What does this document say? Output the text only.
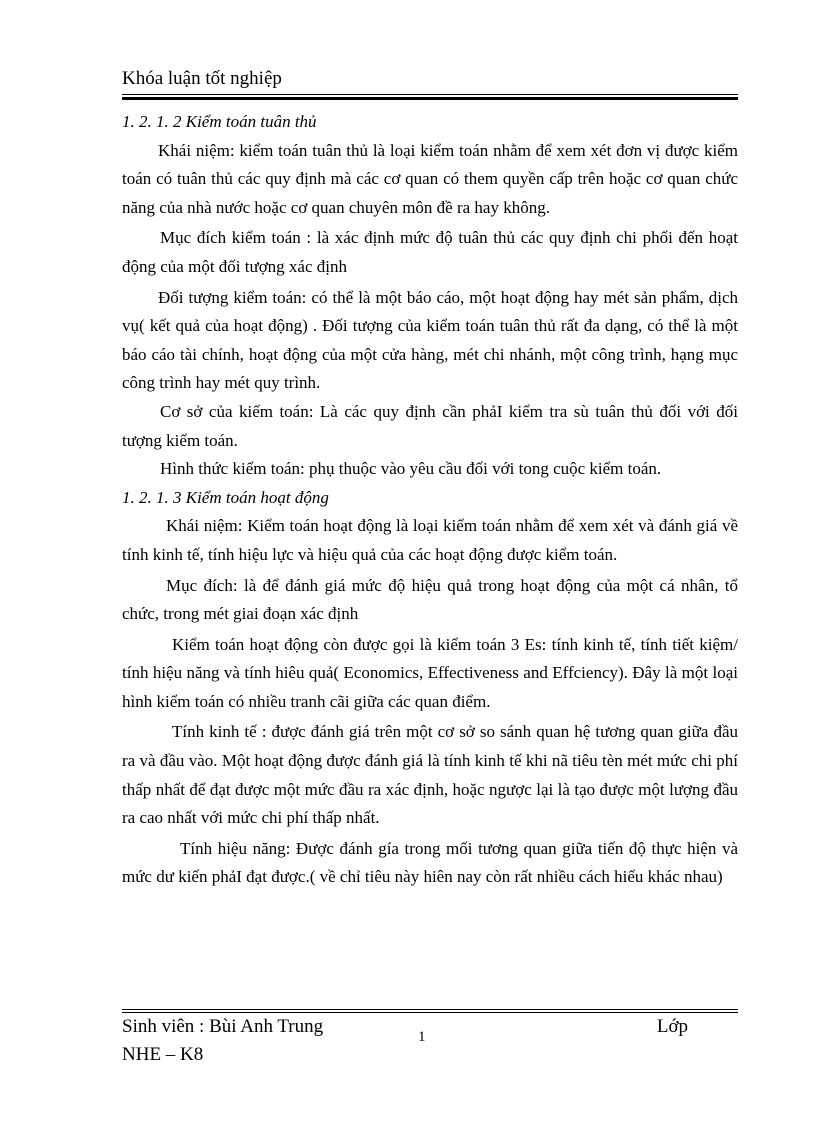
Khóa luận tốt nghiệp

1. 2. 1. 2 Kiểm toán tuân thủ

Khái niệm: kiểm toán tuân thủ là loại kiểm toán nhằm để xem xét đơn vị được kiểm toán có tuân thủ các quy định mà các cơ quan có them quyền cấp trên hoặc cơ quan chức năng của nhà nước hoặc cơ quan chuyên môn đề ra hay không.

Mục đích kiểm toán : là xác định mức độ tuân thủ các quy định chi phối đến hoạt động của một đối tượng xác định

Đối tượng kiểm toán: có thể là một báo cáo, một hoạt động hay mét sản phẩm, dịch vụ( kết quả của hoạt động) . Đối tượng của kiểm toán tuân thủ rất đa dạng, có thể là một báo cáo tài chính, hoạt động của một cửa hàng, mét chi nhánh, một công trình, hạng mục công trình hay mét quy trình.

Cơ sở của kiểm toán: Là các quy định cần phảI kiểm tra sù tuân thủ đối với đối tượng kiểm toán.

Hình thức kiểm toán: phụ thuộc vào yêu cầu đối với tong cuộc kiểm toán.

1. 2. 1. 3 Kiểm toán hoạt động

Khái niệm: Kiểm toán hoạt động là loại kiểm toán nhằm để xem xét và đánh giá về tính kinh tế, tính hiệu lực và hiệu quả của các hoạt động được kiểm toán.

Mục đích: là để đánh giá mức độ hiệu quả trong hoạt động của một cá nhân, tổ chức, trong mét giai đoạn xác định

Kiểm toán hoạt động còn được gọi là kiểm toán 3 Es: tính kinh tế, tính tiết kiệm/ tính hiệu năng và tính hiêu quả( Economics, Effectiveness and Effciency). Đây là một loại hình kiểm toán có nhiều tranh cãi giữa các quan điểm.

Tính kinh tế : được đánh giá trên một cơ sở so sánh quan hệ tương quan giữa đầu ra và đầu vào. Một hoạt động được đánh giá là tính kinh tế khi nã tiêu tèn mét mức chi phí thấp nhất để đạt được một mức đầu ra xác định, hoặc ngược lại là tạo được một lượng đầu ra cao nhất với mức chi phí thấp nhất.

Tính hiệu năng: Được đánh gía trong mối tương quan giữa tiến độ thực hiện và mức dư kiến phảI đạt được.( về chỉ tiêu này hiên nay còn rất nhiều cách hiểu khác nhau)

Sinh viên : Bùi Anh Trung	1	Lớp
NHE – K8
